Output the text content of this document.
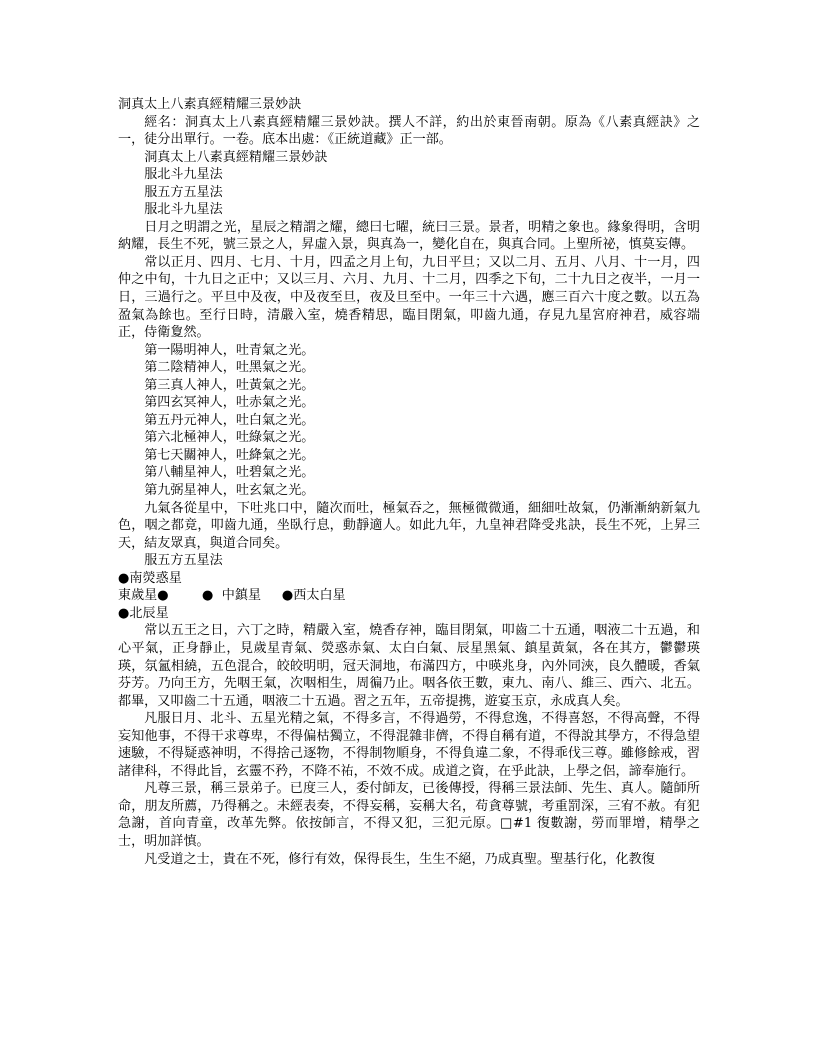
洞真太上八素真經精耀三景妙訣

經名：洞真太上八素真經精耀三景妙訣。撰人不詳，約出於東晉南朝。原為《八素真經訣》之一，徒分出單行。一卷。底本出處：《正統道藏》正一部。

洞真太上八素真經精耀三景妙訣
服北斗九星法
服五方五星法
服北斗九星法

日月之明謂之光，星辰之精謂之耀，總曰七曜，統曰三景。景者，明精之象也。緣象得明，含明納耀，長生不死，號三景之人，昇虛入景，與真為一，變化自在，與真合同。上聖所祕，慎莫妄傳。

常以正月、四月、七月、十月，四孟之月上旬，九日平旦；又以二月、五月、八月、十一月，四仲之中旬，十九日之正中；又以三月、六月、九月、十二月，四季之下旬，二十九日之夜半，一月一日，三過行之。平旦中及夜，中及夜至旦，夜及旦至中。一年三十六遇，應三百六十度之數。以五為盈氣為餘也。至行日時，清嚴入室，燒香精思，臨目閉氣，叩齒九通，存見九星宮府神君，威容端正，侍衛夐然。

第一陽明神人，吐青氣之光。
第二陰精神人，吐黑氣之光。
第三真人神人，吐黃氣之光。
第四玄冥神人，吐赤氣之光。
第五丹元神人，吐白氣之光。
第六北極神人，吐綠氣之光。
第七天關神人，吐絳氣之光。
第八輔星神人，吐碧氣之光。
第九弼星神人，吐玄氣之光。

九氣各從星中，下吐兆口中，隨次而吐，極氣吞之，無極微微通，細細吐故氣，仍漸漸納新氣九色，咽之都竟，叩齒九通，坐臥行息，動靜適人。如此九年，九皇神君降受兆訣，長生不死，上昇三天，結友眾真，與道合同矣。

服五方五星法
●南熒惑星
東歲星●        ●  中鎮星     ●西太白星
●北辰星

常以五王之日，六丁之時，精嚴入室，燒香存神，臨目閉氣，叩齒二十五通，咽液二十五過，和心平氣，正身靜止，見歲星青氣、熒惑赤氣、太白白氣、辰星黑氣、鎮星黃氣，各在其方，鬱鬱瑛瑛，氛氳相繞，五色混合，皎皎明明，冠天洞地，布滿四方，中暎兆身，內外同浹，良久體暖，香氣芬芳。乃向王方，先咽王氣，次咽相生，周徧乃止。咽各依王數，東九、南八、維三、西六、北五。都畢，又叩齒二十五通，咽液二十五過。習之五年，五帝提携，遊宴玉京，永成真人矣。

凡服日月、北斗、五星光精之氣，不得多言，不得過勞，不得怠逸，不得喜怒，不得高聲，不得妄知他事，不得干求尊卑，不得偏枯獨立，不得混雜非儕，不得自稱有道，不得說其學方，不得急望速驗，不得疑惑神明，不得捨己逐物，不得制物順身，不得負違二象，不得乖伐三尊。雖修餘戒，習諸律科，不得此旨，玄靈不矜，不降不祐，不效不成。成道之資，在乎此訣，上學之侶，諦奉施行。

凡尊三景，稱三景弟子。已度三人，委付師友，已後傳授，得稱三景法師、先生、真人。隨師所命，朋友所薦，乃得稱之。未經表奏，不得妄稱，妄稱大名，苟貪尊號，考重罰深，三宥不赦。有犯急謝，首向青童，改革先弊。依按師言，不得又犯，三犯元原。□#1 復數謝，勞而罪增，精學之士，明加詳慎。

凡受道之士，貴在不死，修行有效，保得長生，生生不絕，乃成真聖。聖基行化，化教復
